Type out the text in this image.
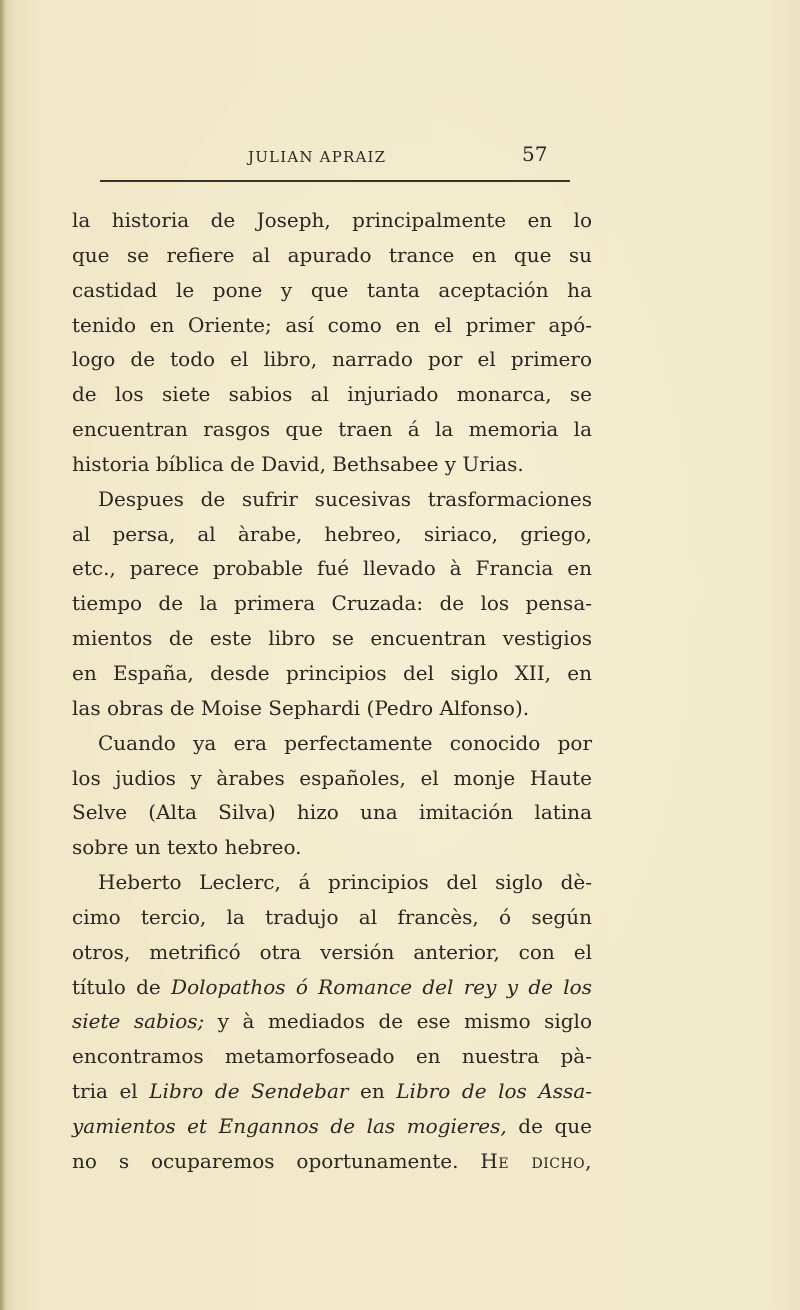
JULIAN APRAIZ	57
la historia de Joseph, principalmente en lo
que se refiere al apurado trance en que su
castidad le pone y que tanta aceptación ha
tenido en Oriente; así como en el primer apó-
logo de todo el libro, narrado por el primero
de los siete sabios al injuriado monarca, se
encuentran rasgos que traen á la memoria la
historia bíblica de David, Bethsabee y Urias.
Despues de sufrir sucesivas trasformaciones
al persa, al àrabe, hebreo, siriaco, griego,
etc., parece probable fué llevado à Francia en
tiempo de la primera Cruzada: de los pensa-
mientos de este libro se encuentran vestigios
en España, desde principios del siglo XII, en
las obras de Moise Sephardi (Pedro Alfonso).
Cuando ya era perfectamente conocido por
los judios y àrabes españoles, el monje Haute
Selve (Alta Silva) hizo una imitación latina
sobre un texto hebreo.
Heberto Leclerc, á principios del siglo dè-
cimo tercio, la tradujo al francès, ó según
otros, metrificó otra versión anterior, con el
título de Dolopathos ó Romance del rey y de los
siete sabios; y à mediados de ese mismo siglo
encontramos metamorfoseado en nuestra pà-
tria el Libro de Sendebar en Libro de los Assa-
yamientos et Engannos de las mogieres, de que
no s ocuparemos oportunamente. He dicho,
